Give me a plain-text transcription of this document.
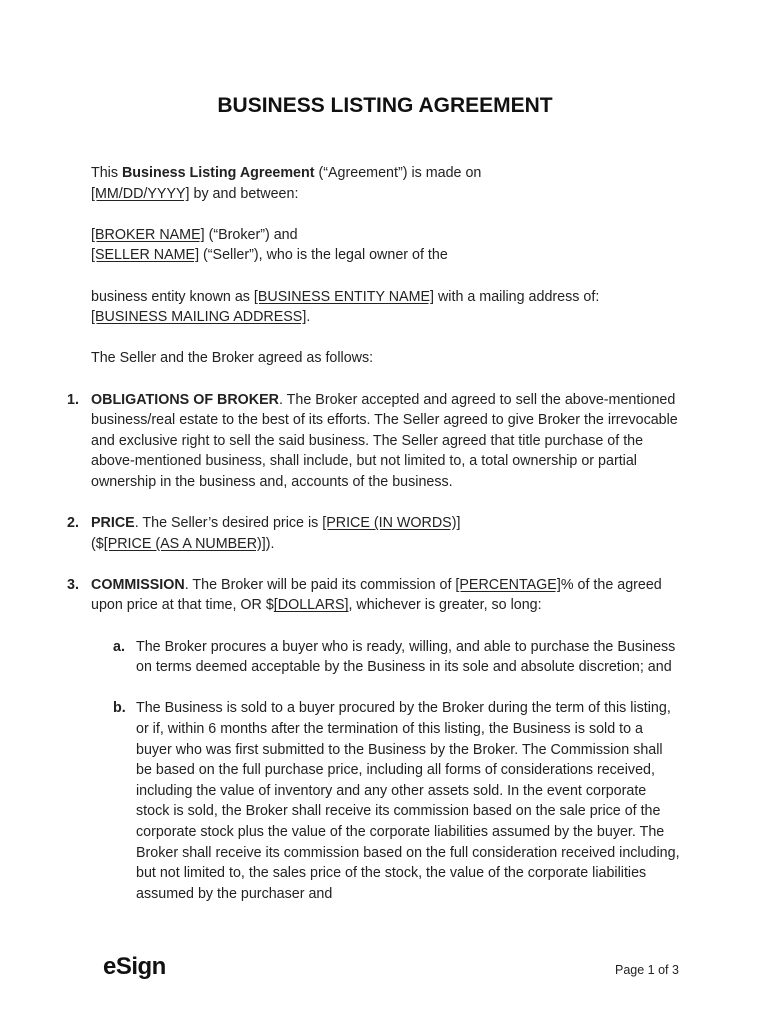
BUSINESS LISTING AGREEMENT

This Business Listing Agreement (“Agreement”) is made on
[MM/DD/YYYY] by and between:

[BROKER NAME] (“Broker”) and
[SELLER NAME] (“Seller”), who is the legal owner of the

business entity known as [BUSINESS ENTITY NAME] with a mailing address of:
[BUSINESS MAILING ADDRESS].

The Seller and the Broker agreed as follows:

1. OBLIGATIONS OF BROKER. The Broker accepted and agreed to sell the above-mentioned business/real estate to the best of its efforts. The Seller agreed to give Broker the irrevocable and exclusive right to sell the said business. The Seller agreed that title purchase of the above-mentioned business, shall include, but not limited to, a total ownership or partial ownership in the business and, accounts of the business.
2. PRICE. The Seller’s desired price is [PRICE (IN WORDS)]
($[PRICE (AS A NUMBER)]).
3. COMMISSION. The Broker will be paid its commission of [PERCENTAGE]% of the agreed upon price at that time, OR $[DOLLARS], whichever is greater, so long:
a. The Broker procures a buyer who is ready, willing, and able to purchase the Business on terms deemed acceptable by the Business in its sole and absolute discretion; and
b. The Business is sold to a buyer procured by the Broker during the term of this listing, or if, within 6 months after the termination of this listing, the Business is sold to a buyer who was first submitted to the Business by the Broker. The Commission shall be based on the full purchase price, including all forms of considerations received, including the value of inventory and any other assets sold. In the event corporate stock is sold, the Broker shall receive its commission based on the sale price of the corporate stock plus the value of the corporate liabilities assumed by the buyer. The Broker shall receive its commission based on the full consideration received including, but not limited to, the sales price of the stock, the value of the corporate liabilities assumed by the purchaser and
eSign	Page 1 of 3
